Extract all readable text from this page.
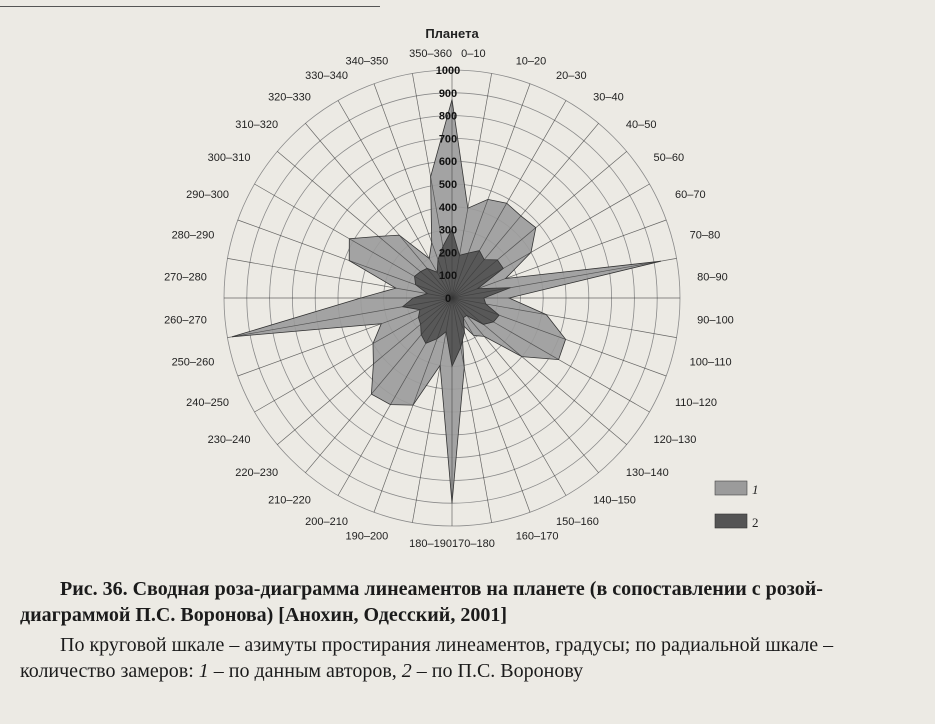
0
100
200
300
400
500
600
700
800
900
1000
0–10
10–20
20–30
30–40
40–50
50–60
60–70
70–80
80–90
90–100
100–110
110–120
120–130
130–140
140–150
150–160
160–170
170–180
180–190
190–200
200–210
210–220
220–230
230–240
240–250
250–260
260–270
270–280
280–290
290–300
300–310
310–320
320–330
330–340
340–350
350–360
Планета
1
2
Рис. 36. Сводная роза-диаграмма линеаментов на планете (в сопоставлении с розой-диаграммой П.С. Воронова) [Анохин, Одесский, 2001]
По круговой шкале – азимуты простирания линеаментов, градусы; по радиальной шкале – количество замеров: 1 – по данным авторов, 2 – по П.С. Воронову
